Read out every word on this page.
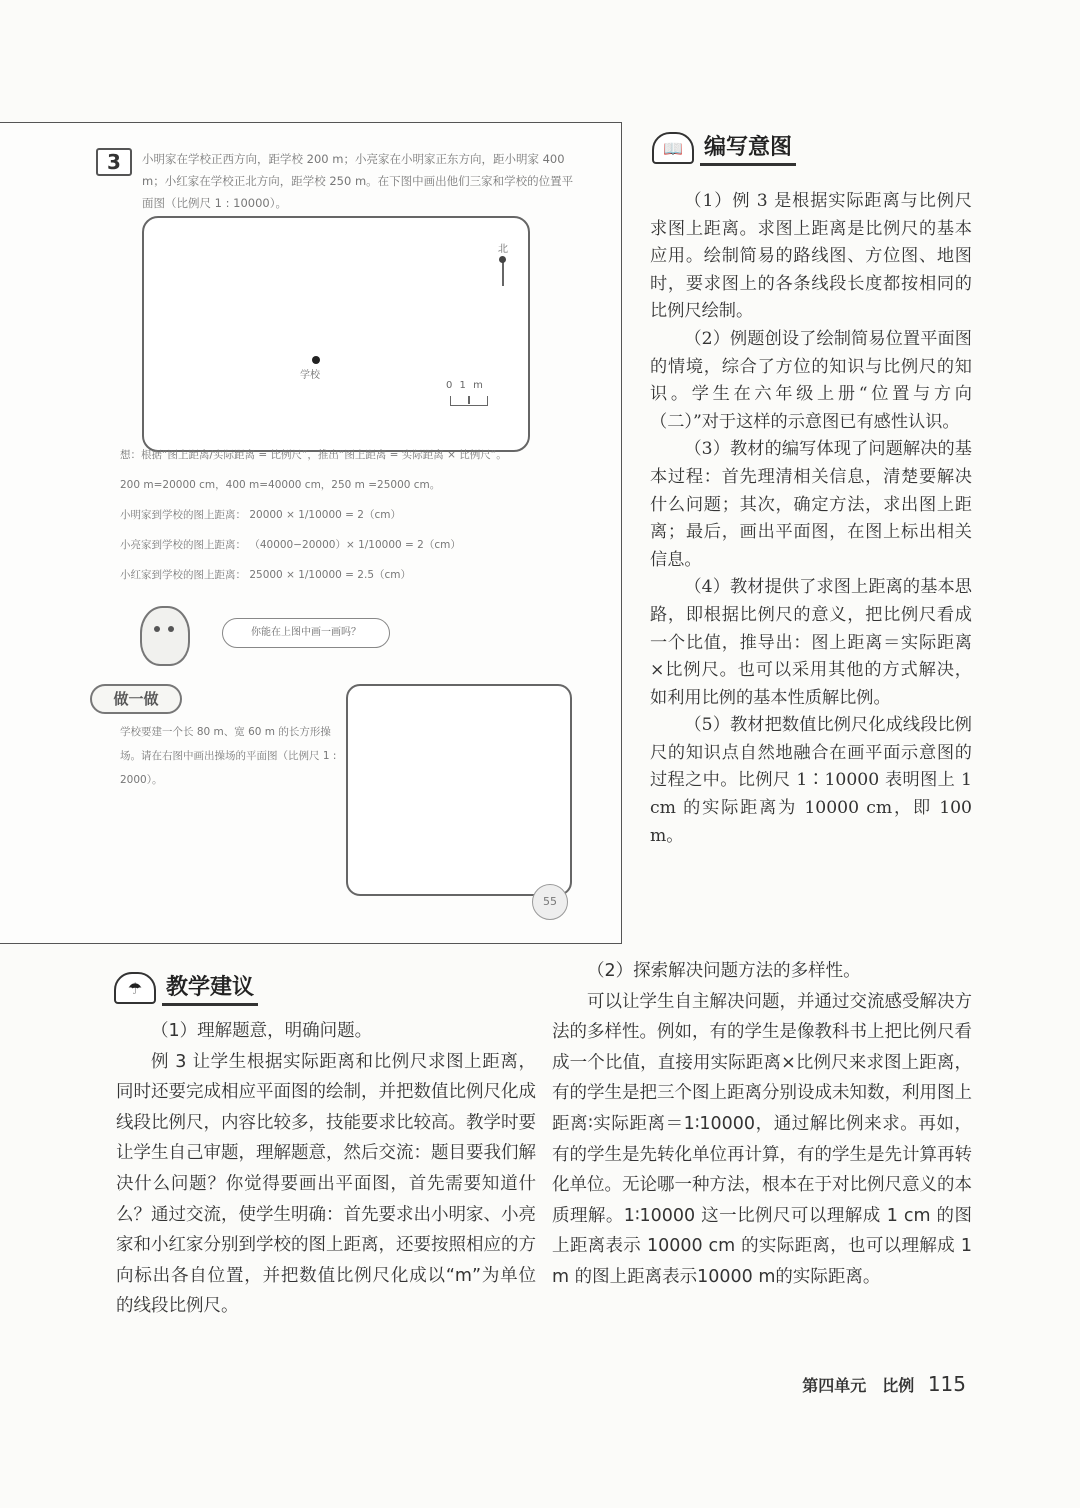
3	小明家在学校正西方向，距学校 200 m；小亮家在小明家正东方向，距小明家 400 m；小红家在学校正北方向，距学校 250 m。在下图中画出他们三家和学校的位置平面图（比例尺 1 : 10000）。
北
学校
0 1 m
想：根据“图上距离/实际距离 = 比例尺”，推出“图上距离 = 实际距离 × 比例尺”。
200 m=20000 cm，400 m=40000 cm，250 m =25000 cm。
小明家到学校的图上距离： 20000 × 1/10000 = 2（cm）
小亮家到学校的图上距离： （40000−20000）× 1/10000 = 2（cm）
小红家到学校的图上距离： 25000 × 1/10000 = 2.5（cm）
你能在上图中画一画吗？
做一做
学校要建一个长 80 m、宽 60 m 的长方形操场。请在右图中画出操场的平面图（比例尺 1 : 2000）。
55
📖 编写意图

（1）例 3 是根据实际距离与比例尺求图上距离。求图上距离是比例尺的基本应用。绘制简易的路线图、方位图、地图时，要求图上的各条线段长度都按相同的比例尺绘制。

（2）例题创设了绘制简易位置平面图的情境，综合了方位的知识与比例尺的知识。学生在六年级上册“位置与方向（二）”对于这样的示意图已有感性认识。

（3）教材的编写体现了问题解决的基本过程：首先理清相关信息，清楚要解决什么问题；其次，确定方法，求出图上距离；最后，画出平面图，在图上标出相关信息。

（4）教材提供了求图上距离的基本思路，即根据比例尺的意义，把比例尺看成一个比值，推导出：图上距离＝实际距离×比例尺。也可以采用其他的方式解决，如利用比例的基本性质解比例。

（5）教材把数值比例尺化成线段比例尺的知识点自然地融合在画平面示意图的过程之中。比例尺 1∶10000 表明图上 1 cm 的实际距离为 10000 cm，即 100 m。

☂	教学建议

（1）理解题意，明确问题。

例 3 让学生根据实际距离和比例尺求图上距离，同时还要完成相应平面图的绘制，并把数值比例尺化成线段比例尺，内容比较多，技能要求比较高。教学时要让学生自己审题，理解题意，然后交流：题目要我们解决什么问题？你觉得要画出平面图，首先需要知道什么？通过交流，使学生明确：首先要求出小明家、小亮家和小红家分别到学校的图上距离，还要按照相应的方向标出各自位置，并把数值比例尺化成以“m”为单位的线段比例尺。

（2）探索解决问题方法的多样性。

可以让学生自主解决问题，并通过交流感受解决方法的多样性。例如，有的学生是像教科书上把比例尺看成一个比值，直接用实际距离×比例尺来求图上距离，有的学生是把三个图上距离分别设成未知数，利用图上距离∶实际距离＝1∶10000，通过解比例来求。再如，有的学生是先转化单位再计算，有的学生是先计算再转化单位。无论哪一种方法，根本在于对比例尺意义的本质理解。1∶10000 这一比例尺可以理解成 1 cm 的图上距离表示 10000 cm 的实际距离，也可以理解成 1 m 的图上距离表示10000 m的实际距离。

第四单元　比例 115
